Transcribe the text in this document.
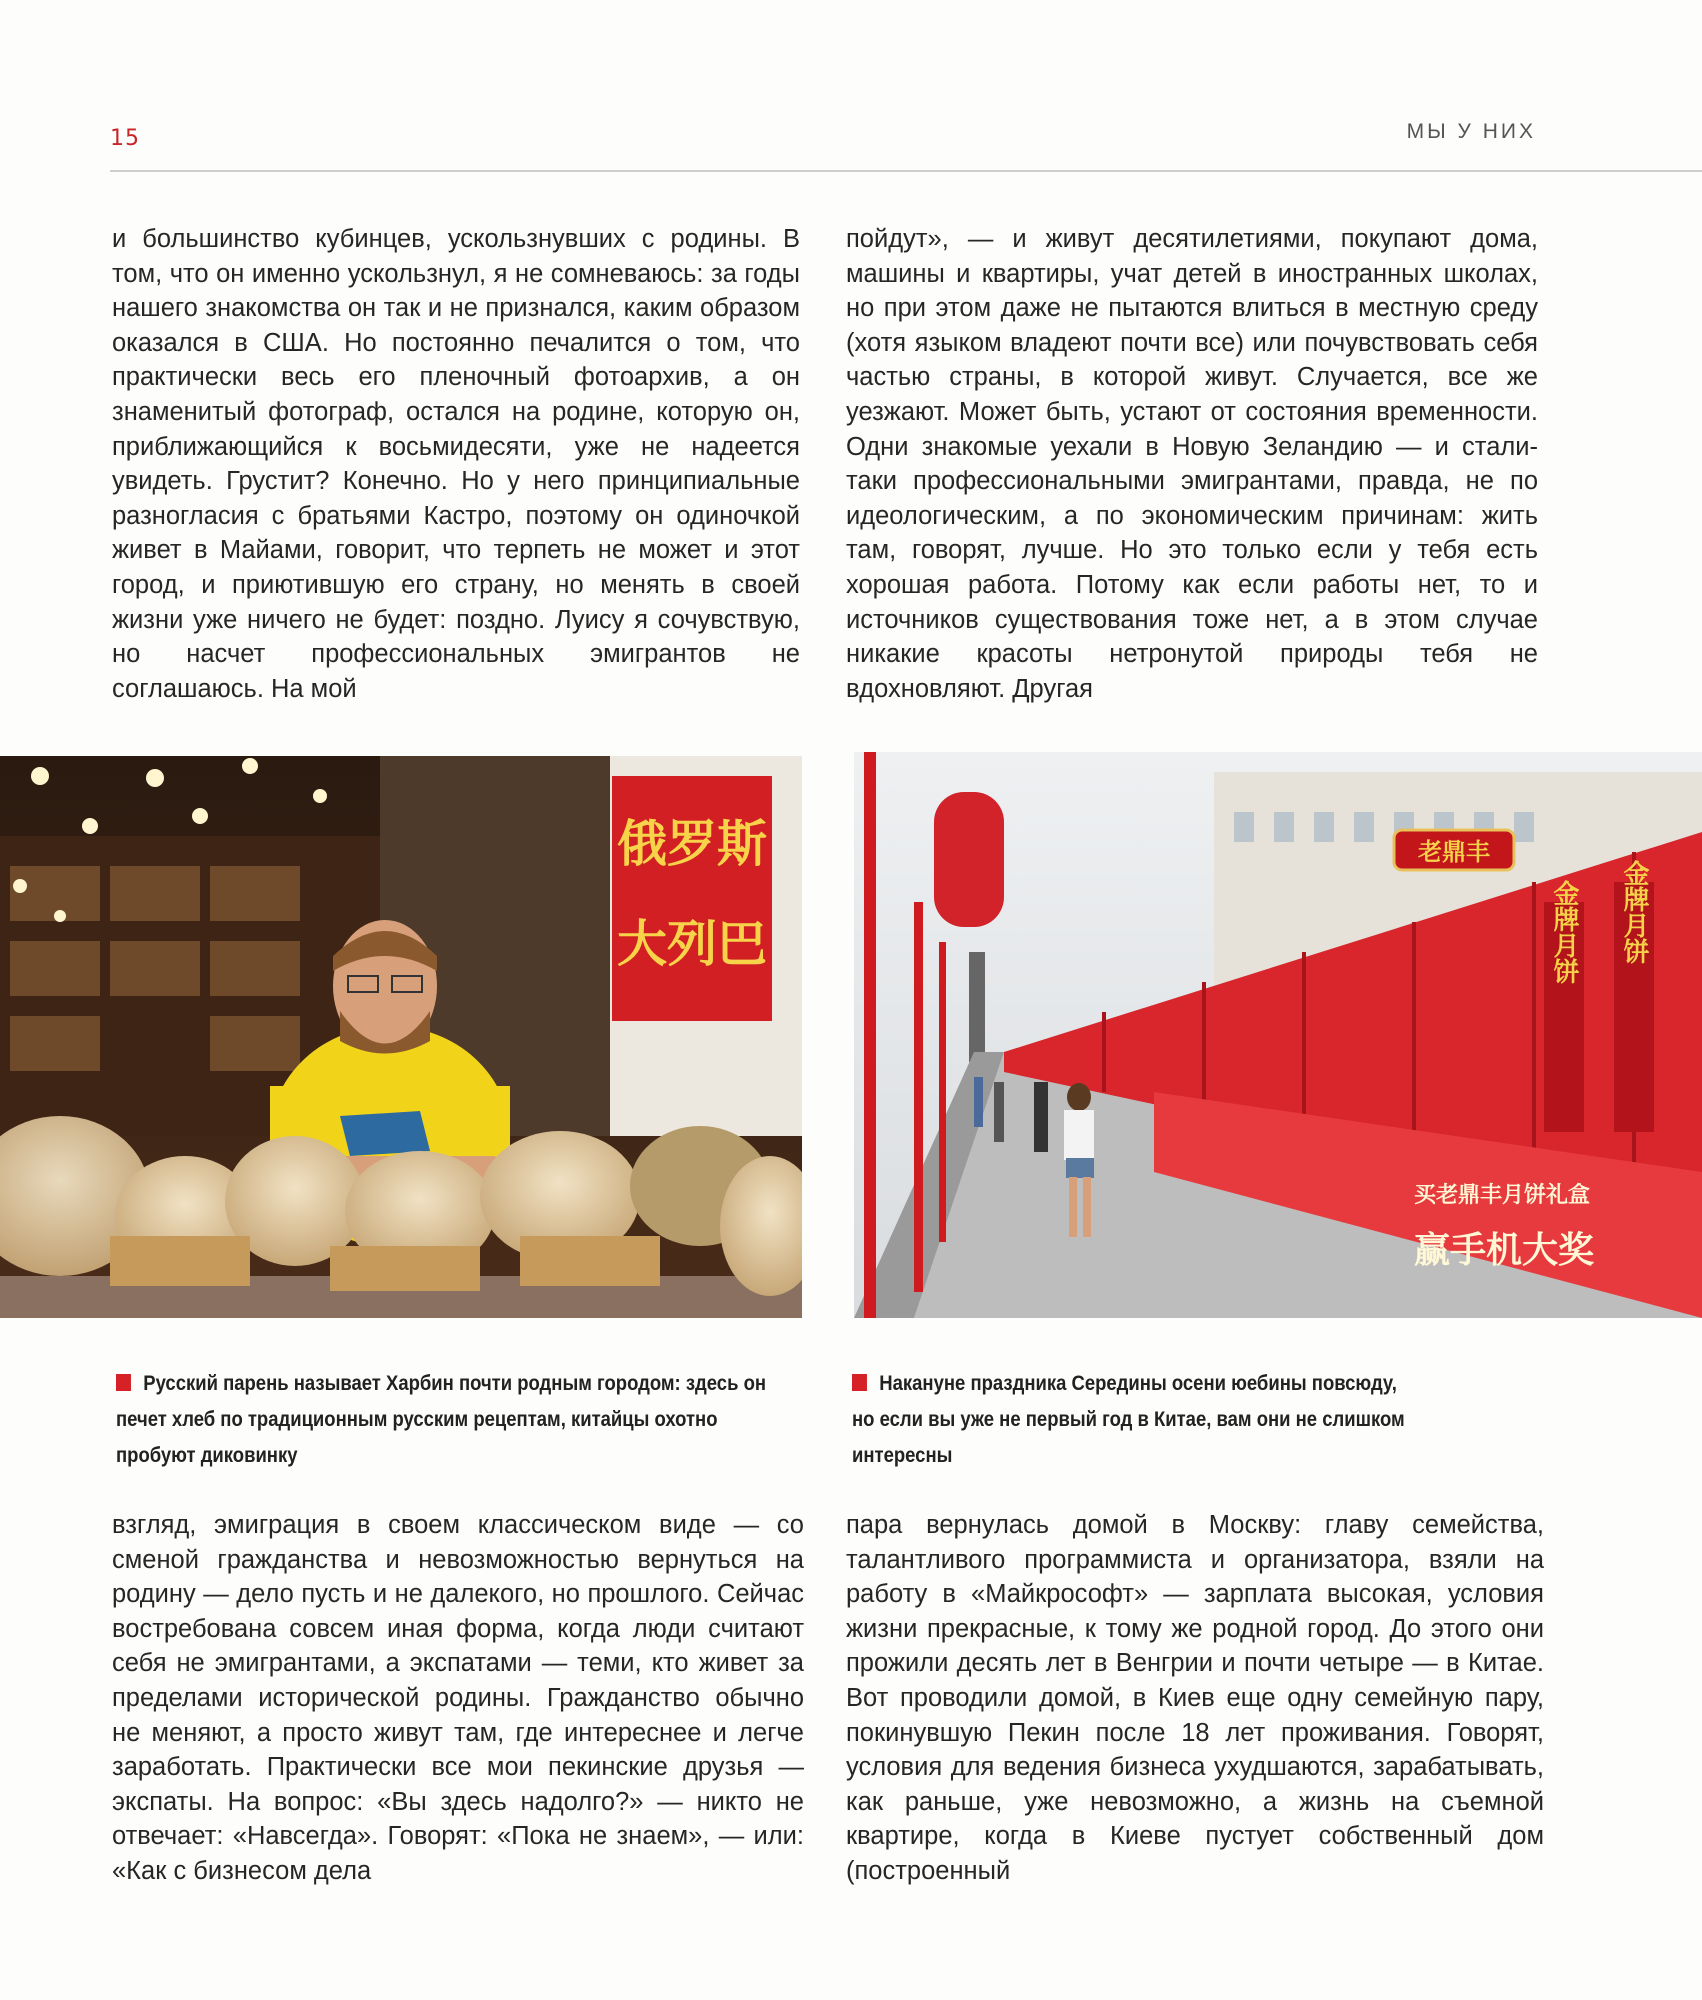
15	МЫ У НИХ

и большинство кубинцев, ускользнувших с родины. В том, что он именно ускользнул, я не сомневаюсь: за годы нашего знакомства он так и не признался, каким образом оказался в США. Но постоянно печалится о том, что практически весь его пленочный фотоархив, а он знаменитый фотограф, остался на родине, которую он, приближающийся к восьмидесяти, уже не надеется увидеть. Грустит? Конечно. Но у него принципиальные разногласия с братьями Кастро, поэтому он одиночкой живет в Майами, говорит, что терпеть не может и этот город, и приютившую его страну, но менять в своей жизни уже ничего не будет: поздно. Луису я сочувствую, но насчет профессиональных эмигрантов не соглашаюсь. На мой

пойдут», — и живут десятилетиями, покупают дома, машины и квартиры, учат детей в иностранных школах, но при этом даже не пытаются влиться в местную среду (хотя языком владеют почти все) или почувствовать себя частью страны, в которой живут. Случается, все же уезжают. Может быть, устают от состояния временности. Одни знакомые уехали в Новую Зеландию — и стали-таки профессиональными эмигрантами, правда, не по идеологическим, а по экономическим причинам: жить там, говорят, лучше. Но это только если у тебя есть хорошая работа. Потому как если работы нет, то и источников существования тоже нет, а в этом случае никакие красоты нетронутой природы тебя не вдохновляют. Другая

俄罗斯
大列巴
老鼎丰
金牌月饼 金牌月饼
买老鼎丰月饼礼盒
赢手机大奖
Русский парень называет Харбин почти родным городом: здесь он печет хлеб по традиционным русским рецептам, китайцы охотно пробуют диковинку
Накануне праздника Середины осени юебины повсюду, но если вы уже не первый год в Китае, вам они не слишком интересны

взгляд, эмиграция в своем классическом виде — со сменой гражданства и невозможностью вернуться на родину — дело пусть и не далекого, но прошлого. Сейчас востребована совсем иная форма, когда люди считают себя не эмигрантами, а экспатами — теми, кто живет за пределами исторической родины. Гражданство обычно не меняют, а просто живут там, где интереснее и легче заработать. Практически все мои пекинские друзья — экспаты. На вопрос: «Вы здесь надолго?» — никто не отвечает: «Навсегда». Говорят: «Пока не знаем», — или: «Как с бизнесом дела

пара вернулась домой в Москву: главу семейства, талантливого программиста и организатора, взяли на работу в «Майкрософт» — зарплата высокая, условия жизни прекрасные, к тому же родной город. До этого они прожили десять лет в Венгрии и почти четыре — в Китае. Вот проводили домой, в Киев еще одну семейную пару, покинувшую Пекин после 18 лет проживания. Говорят, условия для ведения бизнеса ухудшаются, зарабатывать, как раньше, уже невозможно, а жизнь на съемной квартире, когда в Киеве пустует собственный дом (построенный
